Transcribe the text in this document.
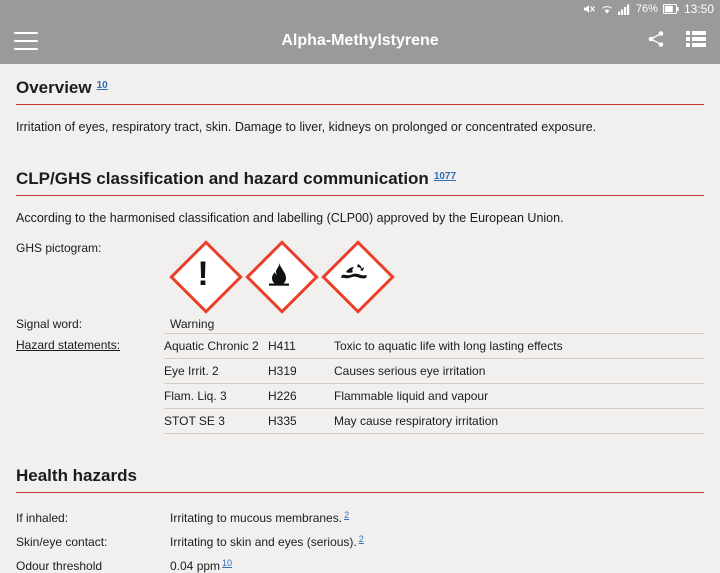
76% 13:50
Alpha-Methylstyrene
Overview 10

Irritation of eyes, respiratory tract, skin. Damage to liver, kidneys on prolonged or concentrated exposure.

CLP/GHS classification and hazard communication 1077

According to the harmonised classification and labelling (CLP00) approved by the European Union.

GHS pictogram:
!
Signal word:	Warning
Hazard statements:	Aquatic Chronic 2	H411	Toxic to aquatic life with long lasting effects
Eye Irrit. 2	H319	Causes serious eye irritation
Flam. Liq. 3	H226	Flammable liquid and vapour
STOT SE 3	H335	May cause respiratory irritation
Health hazards
If inhaled:	Irritating to mucous membranes. $^2$
Skin/eye contact:	Irritating to skin and eyes (serious). $^2$
Odour threshold	0.04 ppm $^{10}$
